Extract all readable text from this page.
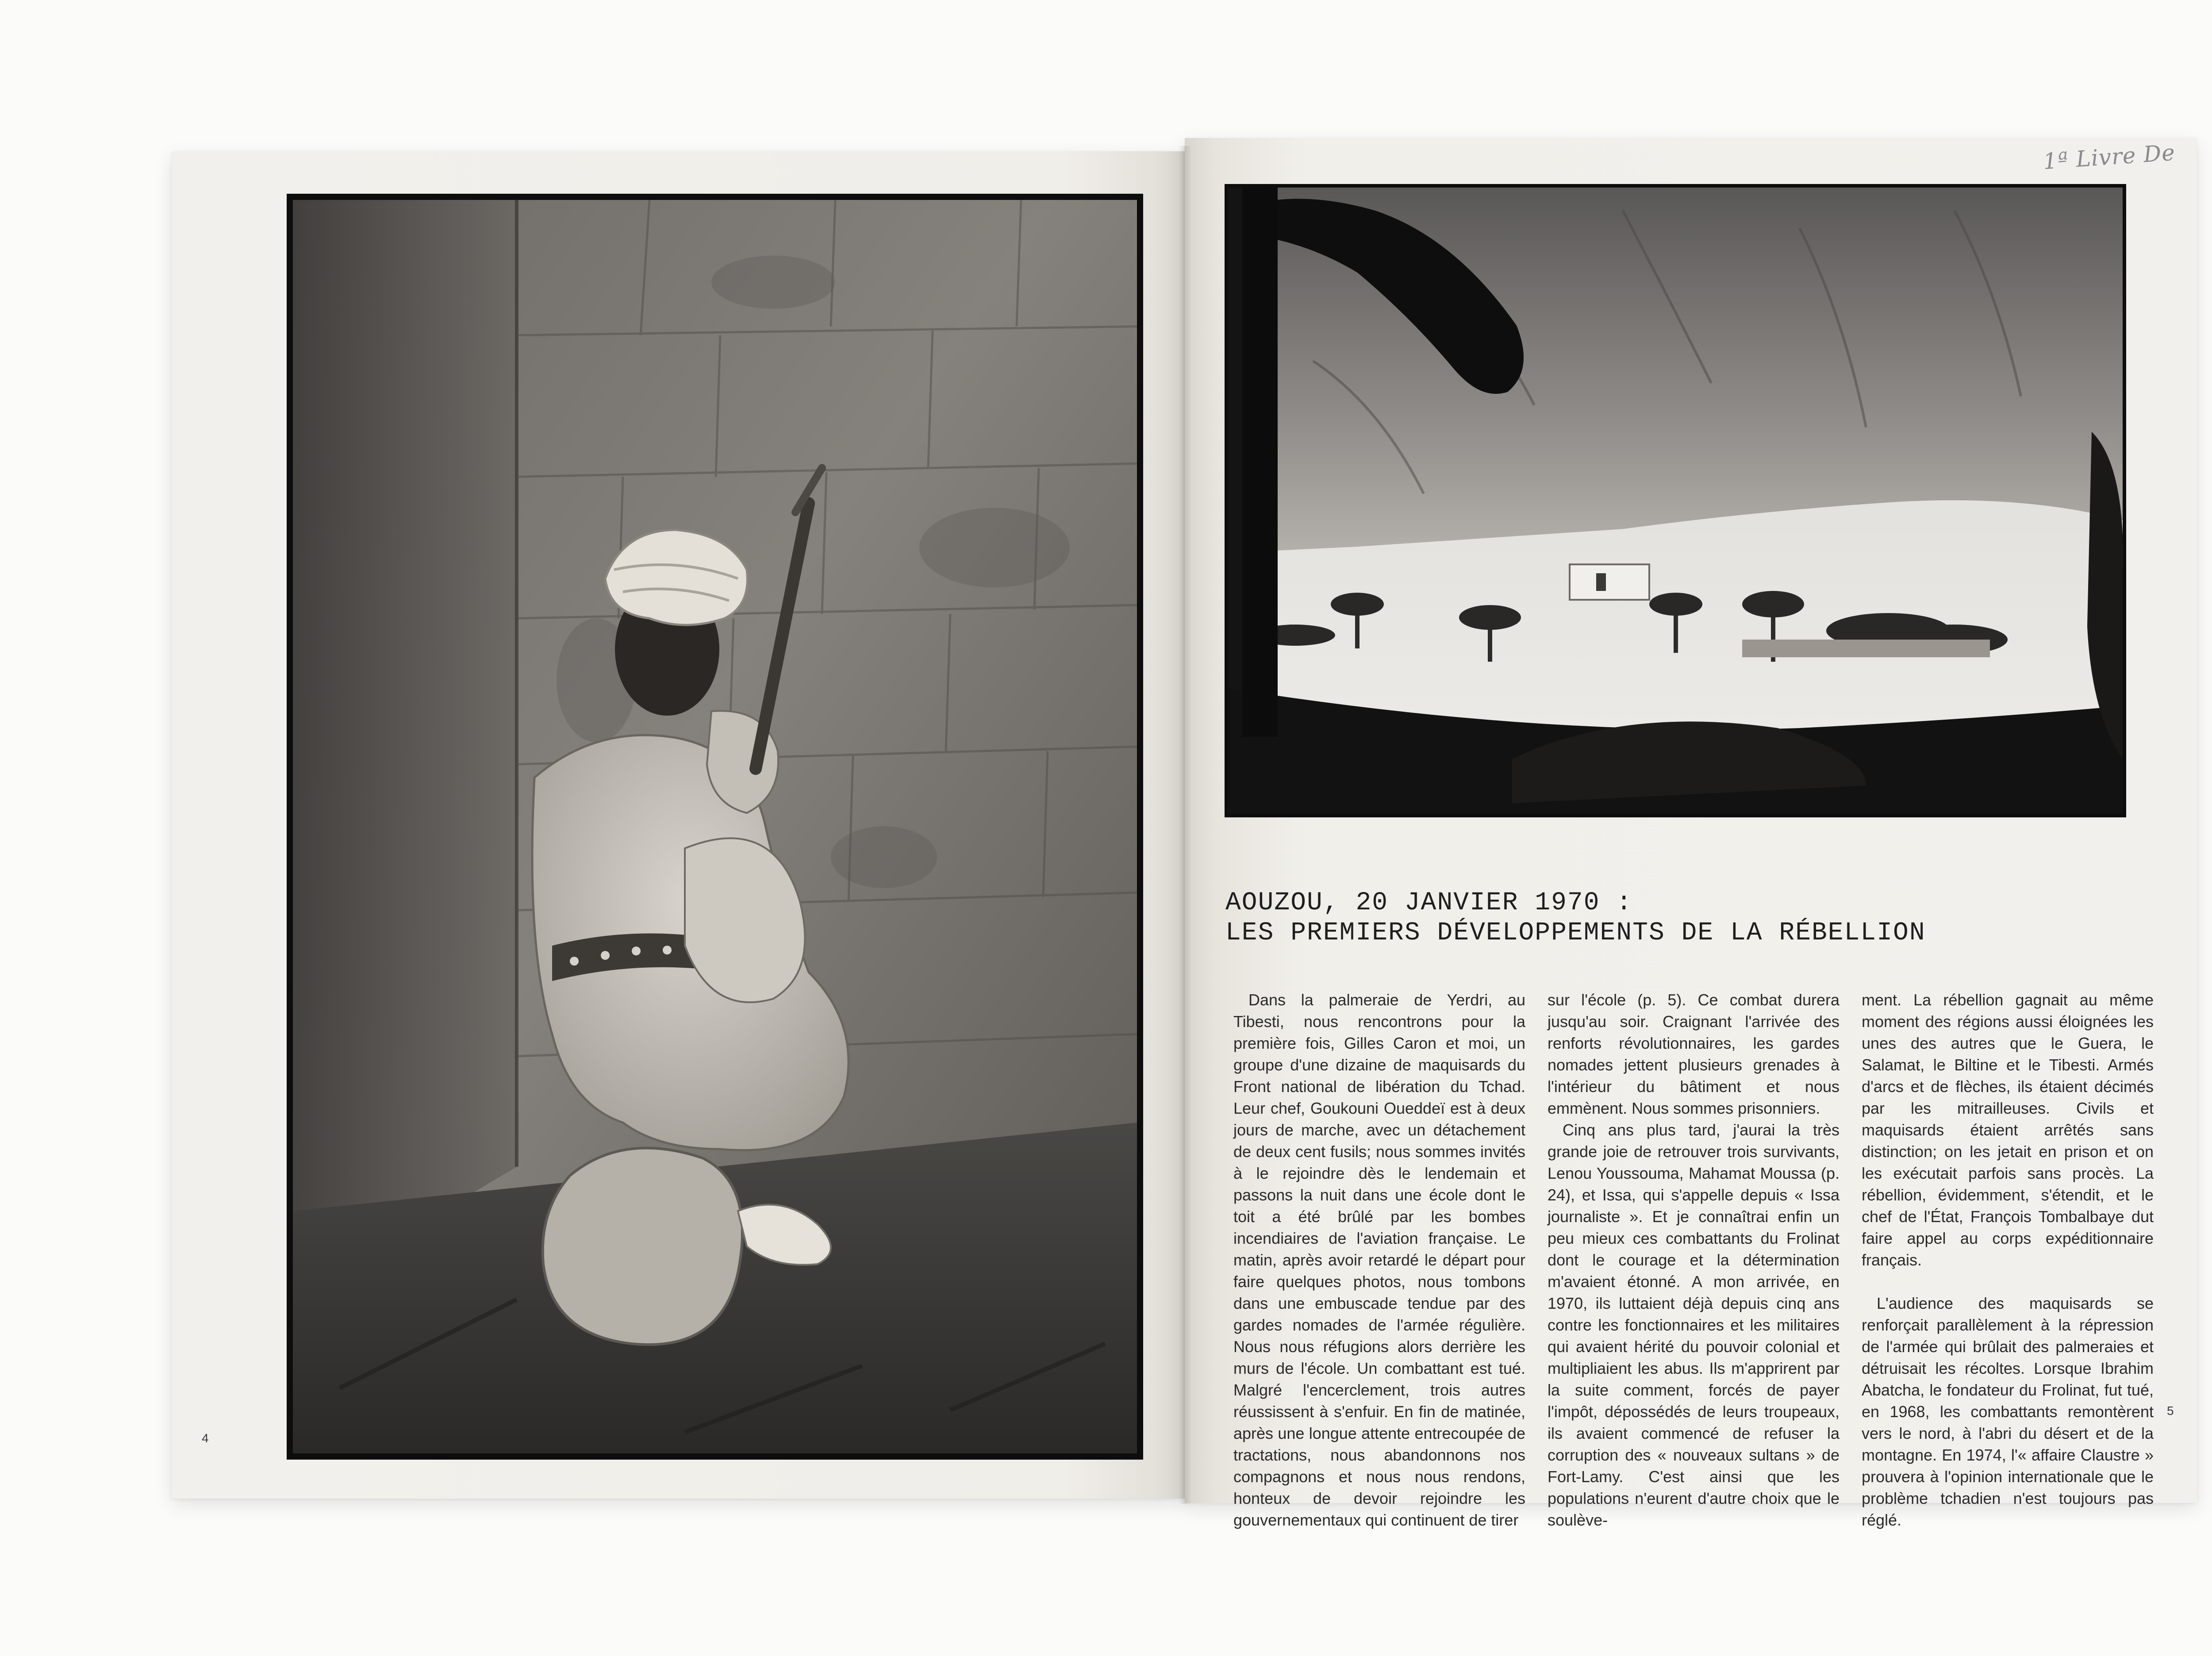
AOUZOU, 20 JANVIER 1970 :
LES PREMIERS DÉVELOPPEMENTS DE LA RÉBELLION

Dans la palmeraie de Yerdri, au Tibesti, nous rencontrons pour la première fois, Gilles Caron et moi, un groupe d'une dizaine de maquisards du Front national de libération du Tchad. Leur chef, Goukouni Oueddeï est à deux jours de marche, avec un détachement de deux cent fusils; nous sommes invités à le rejoindre dès le lendemain et passons la nuit dans une école dont le toit a été brûlé par les bombes incendiaires de l'aviation française. Le matin, après avoir retardé le départ pour faire quelques photos, nous tombons dans une embuscade tendue par des gardes nomades de l'armée régulière. Nous nous réfugions alors derrière les murs de l'école. Un combattant est tué. Malgré l'encerclement, trois autres réussissent à s'enfuir. En fin de matinée, après une longue attente entrecoupée de tractations, nous abandonnons nos compagnons et nous nous rendons, honteux de devoir rejoindre les gouvernementaux qui continuent de tirer

sur l'école (p. 5). Ce combat durera jusqu'au soir. Craignant l'arrivée des renforts révolutionnaires, les gardes nomades jettent plusieurs grenades à l'intérieur du bâtiment et nous emmènent. Nous sommes prisonniers.

Cinq ans plus tard, j'aurai la très grande joie de retrouver trois survivants, Lenou Youssouma, Mahamat Moussa (p. 24), et Issa, qui s'appelle depuis « Issa journaliste ». Et je connaîtrai enfin un peu mieux ces combattants du Frolinat dont le courage et la détermination m'avaient étonné. A mon arrivée, en 1970, ils luttaient déjà depuis cinq ans contre les fonctionnaires et les militaires qui avaient hérité du pouvoir colonial et multipliaient les abus. Ils m'apprirent par la suite comment, forcés de payer l'impôt, dépossédés de leurs troupeaux, ils avaient commencé de refuser la corruption des « nouveaux sultans » de Fort-Lamy. C'est ainsi que les populations n'eurent d'autre choix que le soulève-

ment. La rébellion gagnait au même moment des régions aussi éloignées les unes des autres que le Guera, le Salamat, le Biltine et le Tibesti. Armés d'arcs et de flèches, ils étaient décimés par les mitrailleuses. Civils et maquisards étaient arrêtés sans distinction; on les jetait en prison et on les exécutait parfois sans procès. La rébellion, évidemment, s'étendit, et le chef de l'État, François Tombalbaye dut faire appel au corps expéditionnaire français.

L'audience des maquisards se renforçait parallèlement à la répression de l'armée qui brûlait des palmeraies et détruisait les récoltes. Lorsque Ibrahim Abatcha, le fondateur du Frolinat, fut tué, en 1968, les combattants remontèrent vers le nord, à l'abri du désert et de la montagne. En 1974, l'« affaire Claustre » prouvera à l'opinion internationale que le problème tchadien n'est toujours pas réglé.

4
5
1ª Livre De
